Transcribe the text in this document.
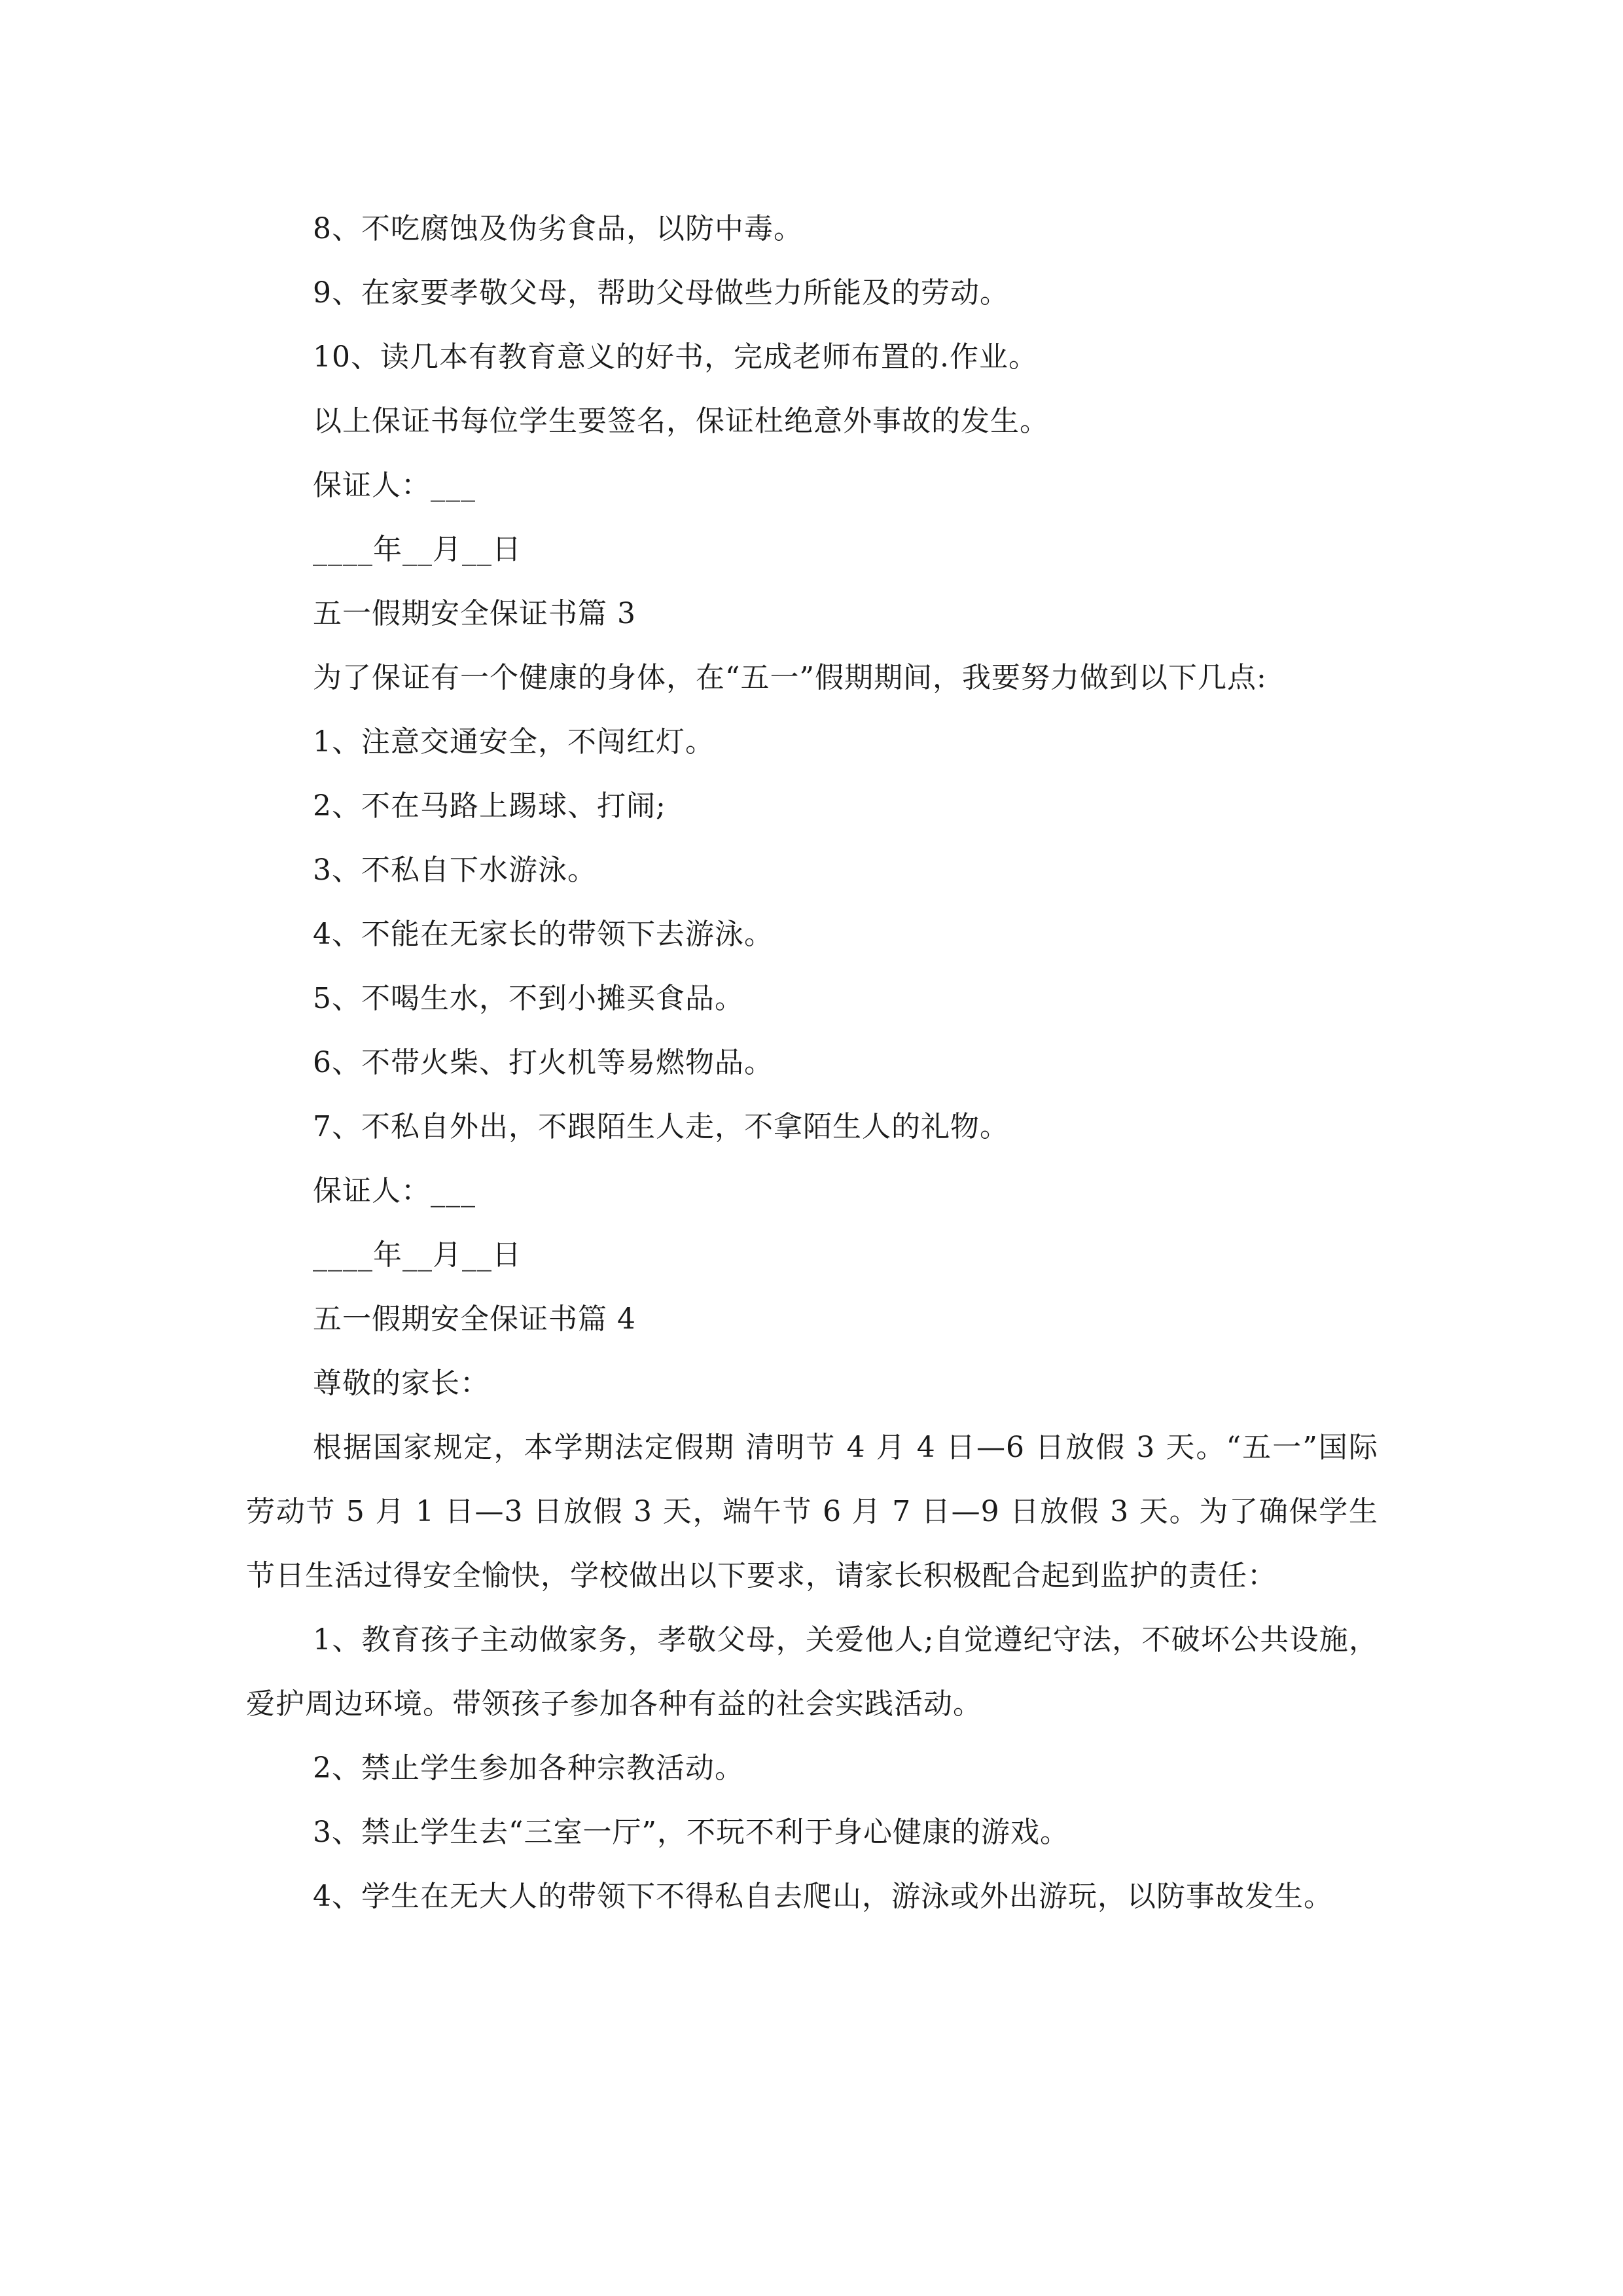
8、不吃腐蚀及伪劣食品，以防中毒。
9、在家要孝敬父母，帮助父母做些力所能及的劳动。
10、读几本有教育意义的好书，完成老师布置的.作业。
以上保证书每位学生要签名，保证杜绝意外事故的发生。
保证人：___
____年__月__日
五一假期安全保证书篇 3
为了保证有一个健康的身体，在“五一”假期期间，我要努力做到以下几点:
1、注意交通安全，不闯红灯。
2、不在马路上踢球、打闹;
3、不私自下水游泳。
4、不能在无家长的带领下去游泳。
5、不喝生水，不到小摊买食品。
6、不带火柴、打火机等易燃物品。
7、不私自外出，不跟陌生人走，不拿陌生人的礼物。
保证人：___
____年__月__日
五一假期安全保证书篇 4
尊敬的家长：

根据国家规定，本学期法定假期 清明节 4 月 4 日—6 日放假 3 天。“五一”国际劳动节 5 月 1 日—3 日放假 3 天，端午节 6 月 7 日—9 日放假 3 天。为了确保学生节日生活过得安全愉快，学校做出以下要求，请家长积极配合起到监护的责任：

1、教育孩子主动做家务，孝敬父母，关爱他人;自觉遵纪守法，不破坏公共设施，爱护周边环境。带领孩子参加各种有益的社会实践活动。

2、禁止学生参加各种宗教活动。

3、禁止学生去“三室一厅”，不玩不利于身心健康的游戏。

4、学生在无大人的带领下不得私自去爬山，游泳或外出游玩，以防事故发生。
